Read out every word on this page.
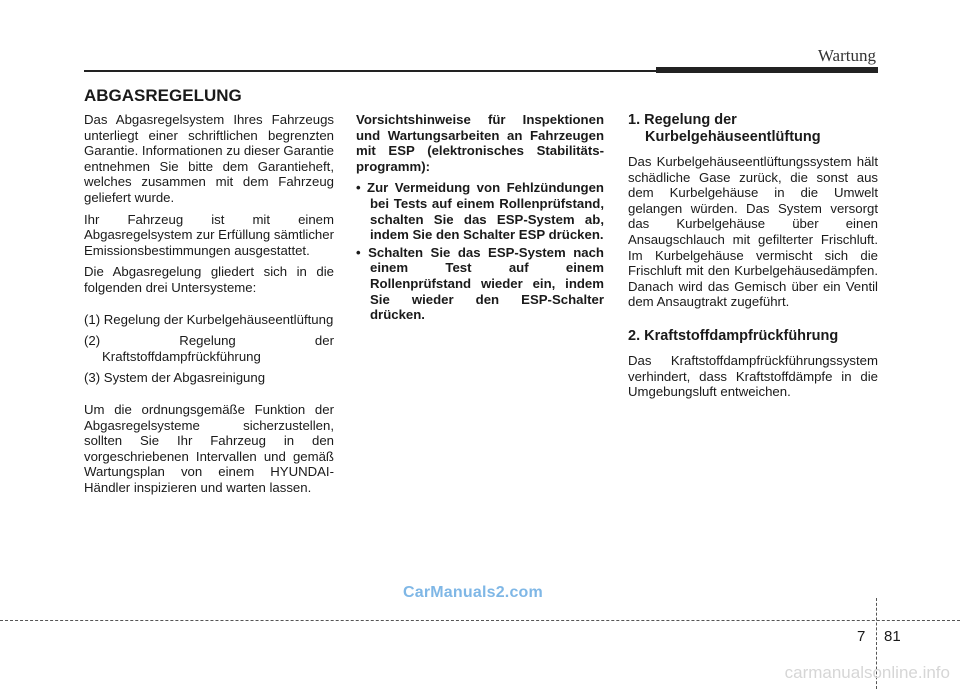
Wartung
ABGASREGELUNG

Das Abgasregelsystem Ihres Fahrzeugs unterliegt einer schriftlichen begrenzten Garantie. Informationen zu dieser Garantie entnehmen Sie bitte dem Garantieheft, welches zusammen mit dem Fahrzeug geliefert wurde.

Ihr Fahrzeug ist mit einem Abgasregelsystem zur Erfüllung sämtlicher Emissionsbestimmungen ausgestattet.

Die Abgasregelung gliedert sich in die folgenden drei Untersysteme:

(1) Regelung der Kurbelgehäuseentlüftung

(2) Regelung der Kraftstoffdampfrückführung

(3) System der Abgasreinigung

Um die ordnungsgemäße Funktion der Abgasregelsysteme sicherzustellen, sollten Sie Ihr Fahrzeug in den vorgeschriebenen Intervallen und gemäß Wartungsplan von einem HYUNDAI-Händler inspizieren und warten lassen.

Vorsichtshinweise für Inspektionen und Wartungsarbeiten an Fahrzeugen mit ESP (elektronisches Stabilitäts-programm):

• Zur Vermeidung von Fehlzündungen bei Tests auf einem Rollenprüfstand, schalten Sie das ESP-System ab, indem Sie den Schalter ESP drücken.

• Schalten Sie das ESP-System nach einem Test auf einem Rollenprüfstand wieder ein, indem Sie wieder den ESP-Schalter drücken.

1. Regelung der
Kurbelgehäuseentlüftung

Das Kurbelgehäuseentlüftungssystem hält schädliche Gase zurück, die sonst aus dem Kurbelgehäuse in die Umwelt gelangen würden. Das System versorgt das Kurbelgehäuse über einen Ansaugschlauch mit gefilterter Frischluft. Im Kurbelgehäuse vermischt sich die Frischluft mit den Kurbelgehäusedämpfen. Danach wird das Gemisch über ein Ventil dem Ansaugtrakt zugeführt.

2. Kraftstoffdampfrückführung

Das Kraftstoffdampfrückführungssystem verhindert, dass Kraftstoffdämpfe in die Umgebungsluft entweichen.

CarManuals2.com
7 81
carmanualsonline.info
